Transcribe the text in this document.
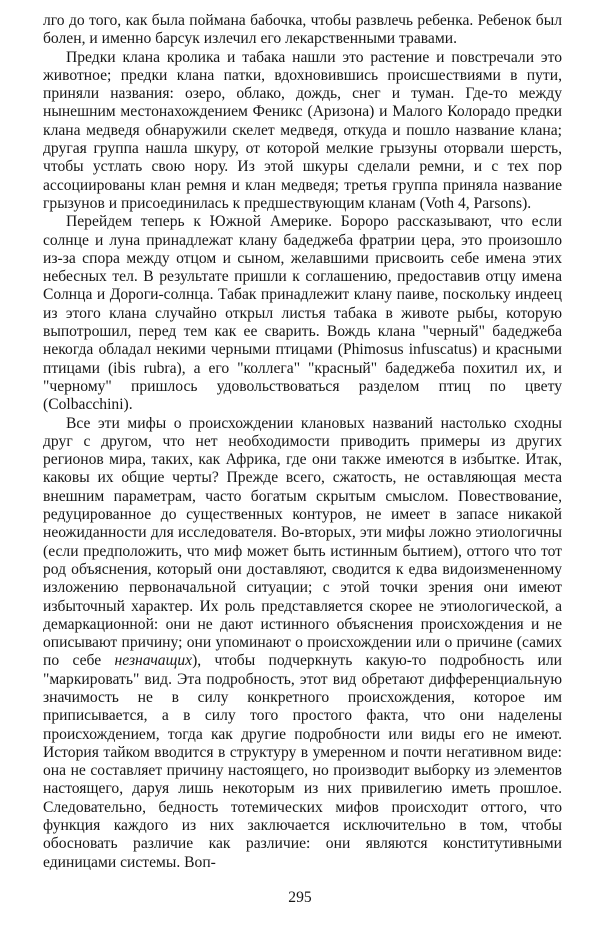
лго до того, как была поймана бабочка, чтобы развлечь ребенка. Ребенок был болен, и именно барсук излечил его лекарственными травами.

Предки клана кролика и табака нашли это растение и повстречали это животное; предки клана патки, вдохновившись происшествиями в пути, приняли названия: озеро, облако, дождь, снег и туман. Где-то между нынешним местонахождением Феникс (Аризона) и Малого Колорадо предки клана медведя обнаружили скелет медведя, откуда и пошло название клана; другая группа нашла шкуру, от которой мелкие грызуны оторвали шерсть, чтобы устлать свою нору. Из этой шкуры сделали ремни, и с тех пор ассоциированы клан ремня и клан медведя; третья группа приняла название грызунов и присоединилась к предшествующим кланам (Voth 4, Parsons).

Перейдем теперь к Южной Америке. Бороро рассказывают, что если солнце и луна принадлежат клану бадеджеба фратрии цера, это произошло из-за спора между отцом и сыном, желавшими присвоить себе имена этих небесных тел. В результате пришли к соглашению, предоставив отцу имена Солнца и Дороги-солнца. Табак принадлежит клану паиве, поскольку индеец из этого клана случайно открыл листья табака в животе рыбы, которую выпотрошил, перед тем как ее сварить. Вождь клана "черный" бадеджеба некогда обладал некими черными птицами (Phimosus infuscatus) и красными птицами (ibis rubra), а его "коллега" "красный" бадеджеба похитил их, и "черному" пришлось удовольствоваться разделом птиц по цвету (Colbacchini).

Все эти мифы о происхождении клановых названий настолько сходны друг с другом, что нет необходимости приводить примеры из других регионов мира, таких, как Африка, где они также имеются в избытке. Итак, каковы их общие черты? Прежде всего, сжатость, не оставляющая места внешним параметрам, часто богатым скрытым смыслом. Повествование, редуцированное до существенных контуров, не имеет в запасе никакой неожиданности для исследователя. Во-вторых, эти мифы ложно этиологичны (если предположить, что миф может быть истинным бытием), оттого что тот род объяснения, который они доставляют, сводится к едва видоизмененному изложению первоначальной ситуации; с этой точки зрения они имеют избыточный характер. Их роль представляется скорее не этиологической, а демаркационной: они не дают истинного объяснения происхождения и не описывают причину; они упоминают о происхождении или о причине (самих по себе незначащих), чтобы подчеркнуть какую-то подробность или "маркировать" вид. Эта подробность, этот вид обретают дифференциальную значимость не в силу конкретного происхождения, которое им приписывается, а в силу того простого факта, что они наделены происхождением, тогда как другие подробности или виды его не имеют. История тайком вводится в структуру в умеренном и почти негативном виде: она не составляет причину настоящего, но производит выборку из элементов настоящего, даруя лишь некоторым из них привилегию иметь прошлое. Следовательно, бедность тотемических мифов происходит оттого, что функция каждого из них заключается исключительно в том, чтобы обосновать различие как различие: они являются конститутивными единицами системы. Воп-

295
